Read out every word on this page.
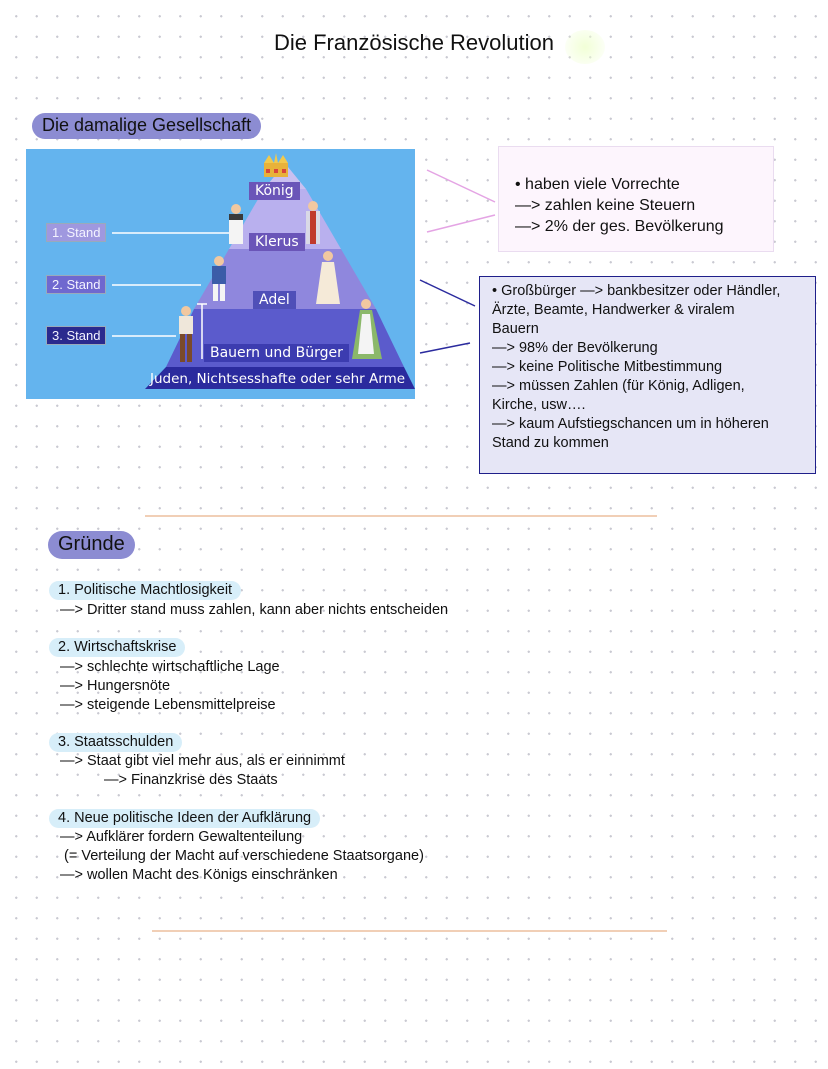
Die Französische Revolution
Die damalige Gesellschaft
König
Klerus
Adel
Bauern und Bürger
Juden, Nichtsesshafte oder sehr Arme
1. Stand
2. Stand
3. Stand
• haben viele Vorrechte
—> zahlen keine Steuern
—> 2% der ges. Bevölkerung
• Großbürger —> bankbesitzer oder Händler,
Ärzte, Beamte, Handwerker & viralem
Bauern
—> 98% der Bevölkerung
—> keine Politische Mitbestimmung
—> müssen Zahlen (für König, Adligen,
Kirche, usw….
—> kaum Aufstiegschancen um in höheren
Stand zu kommen
Gründe
1. Politische Machtlosigkeit
—> Dritter stand muss zahlen, kann aber nichts entscheiden
2. Wirtschaftskrise
—> schlechte wirtschaftliche Lage
—> Hungersnöte
—> steigende Lebensmittelpreise
3. Staatsschulden
—> Staat gibt viel mehr aus, als er einnimmt
—> Finanzkrise des Staats
4. Neue politische Ideen der Aufklärung
—> Aufklärer fordern Gewaltenteilung
(= Verteilung der Macht auf verschiedene Staatsorgane)
—> wollen Macht des Königs einschränken
